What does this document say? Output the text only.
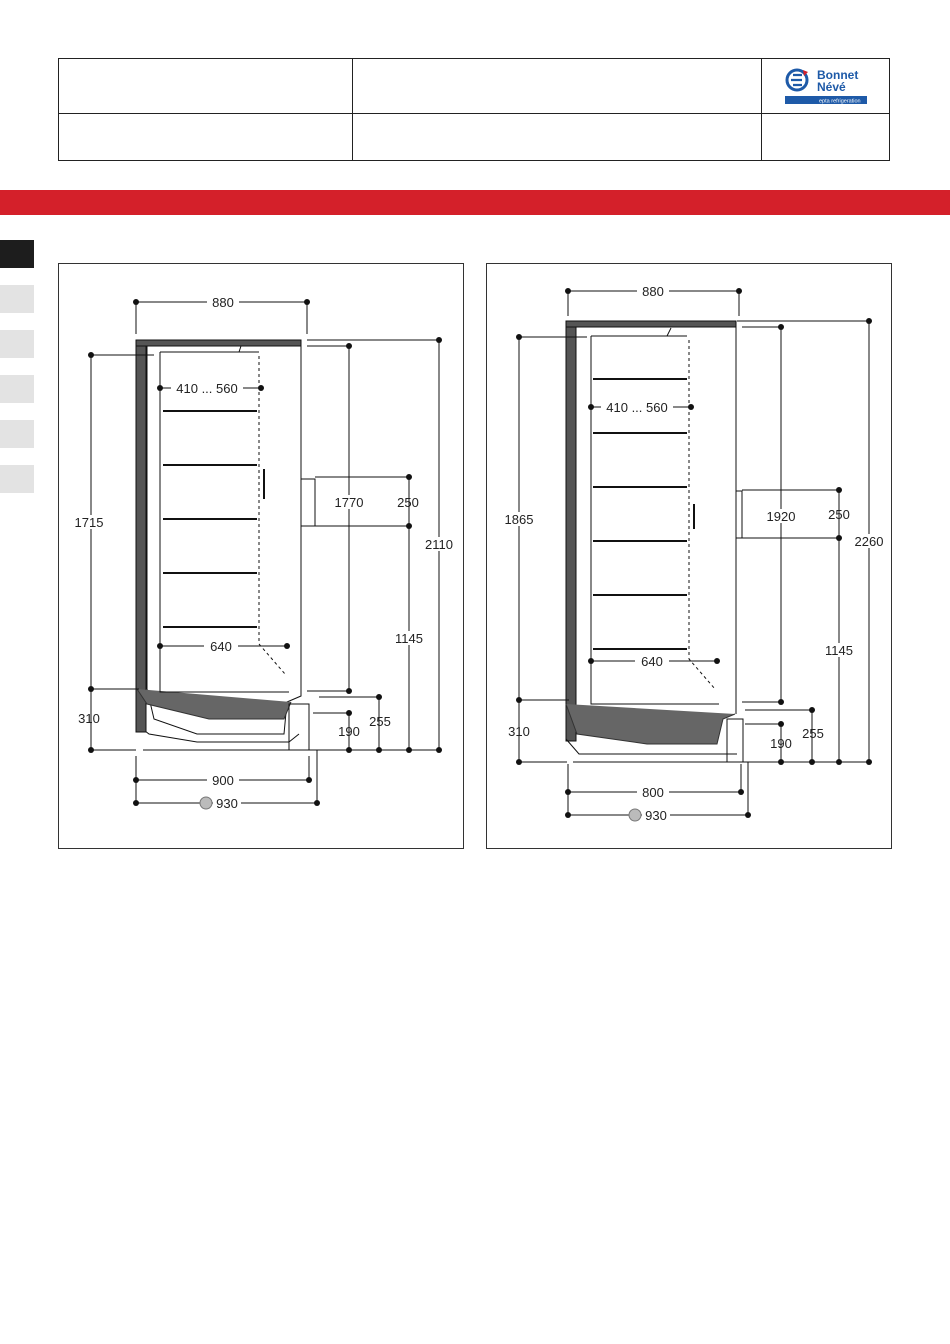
Bonnet
Névé
epta refrigeration
880
410 ... 560
1715
640
310
1770	250
2110
1145
190
255
900
930
880
410 ... 560
1865
640
310
1920	250
2260
1145
190
255
800
930
